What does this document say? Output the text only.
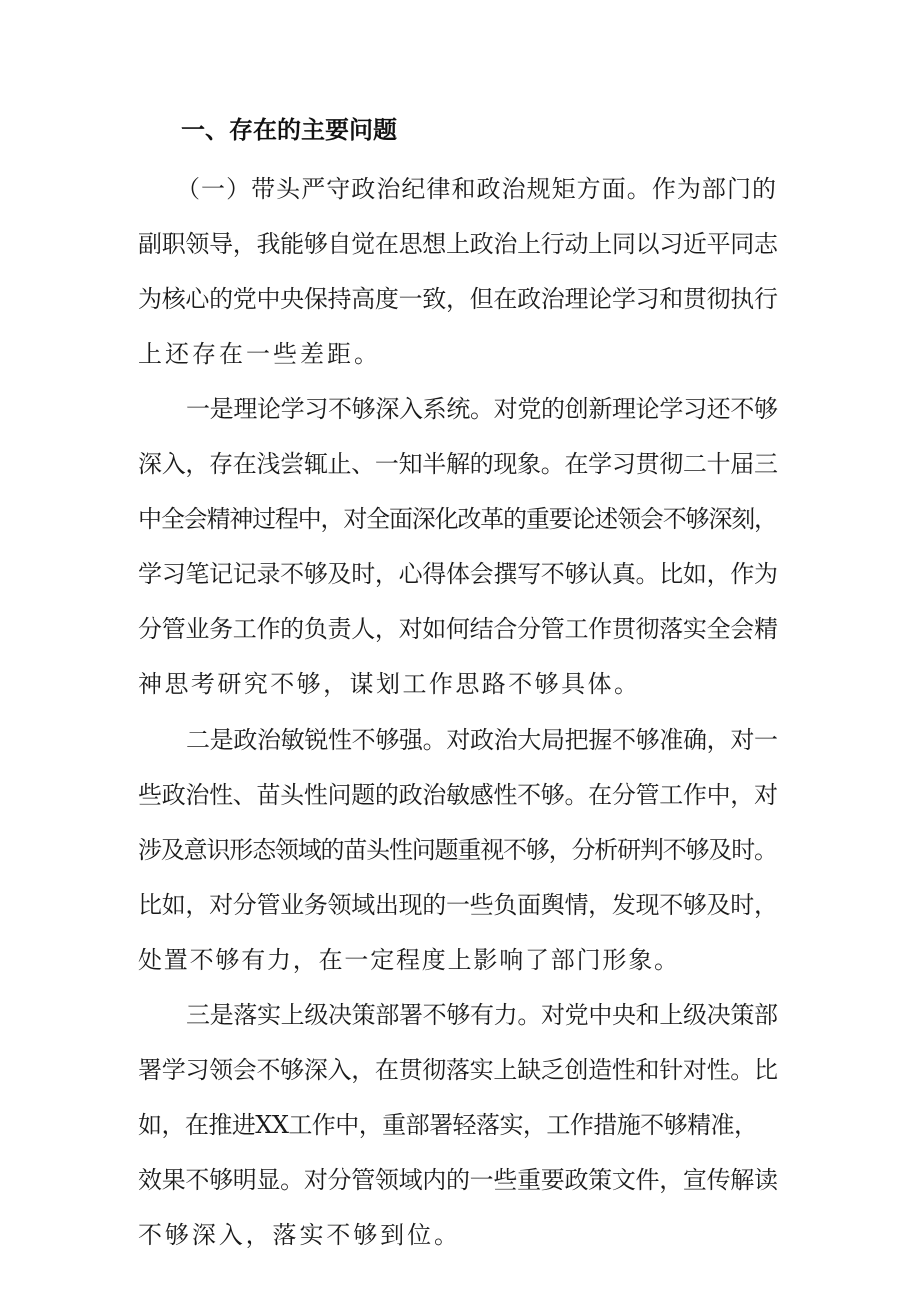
一、存在的主要问题

（一）带头严守政治纪律和政治规矩方面。作为部门的

副职领导，我能够自觉在思想上政治上行动上同以习近平同志

为核心的党中央保持高度一致，但在政治理论学习和贯彻执行

上还存在一些差距。

一是理论学习不够深入系统。对党的创新理论学习还不够

深入，存在浅尝辄止、一知半解的现象。在学习贯彻二十届三

中全会精神过程中，对全面深化改革的重要论述领会不够深刻，

学习笔记记录不够及时，心得体会撰写不够认真。比如，作为

分管业务工作的负责人，对如何结合分管工作贯彻落实全会精

神思考研究不够，谋划工作思路不够具体。

二是政治敏锐性不够强。对政治大局把握不够准确，对一

些政治性、苗头性问题的政治敏感性不够。在分管工作中，对

涉及意识形态领域的苗头性问题重视不够，分析研判不够及时。

比如，对分管业务领域出现的一些负面舆情，发现不够及时，

处置不够有力，在一定程度上影响了部门形象。

三是落实上级决策部署不够有力。对党中央和上级决策部

署学习领会不够深入，在贯彻落实上缺乏创造性和针对性。比

如，在推进XX工作中，重部署轻落实，工作措施不够精准，

效果不够明显。对分管领域内的一些重要政策文件，宣传解读

不够深入，落实不够到位。
